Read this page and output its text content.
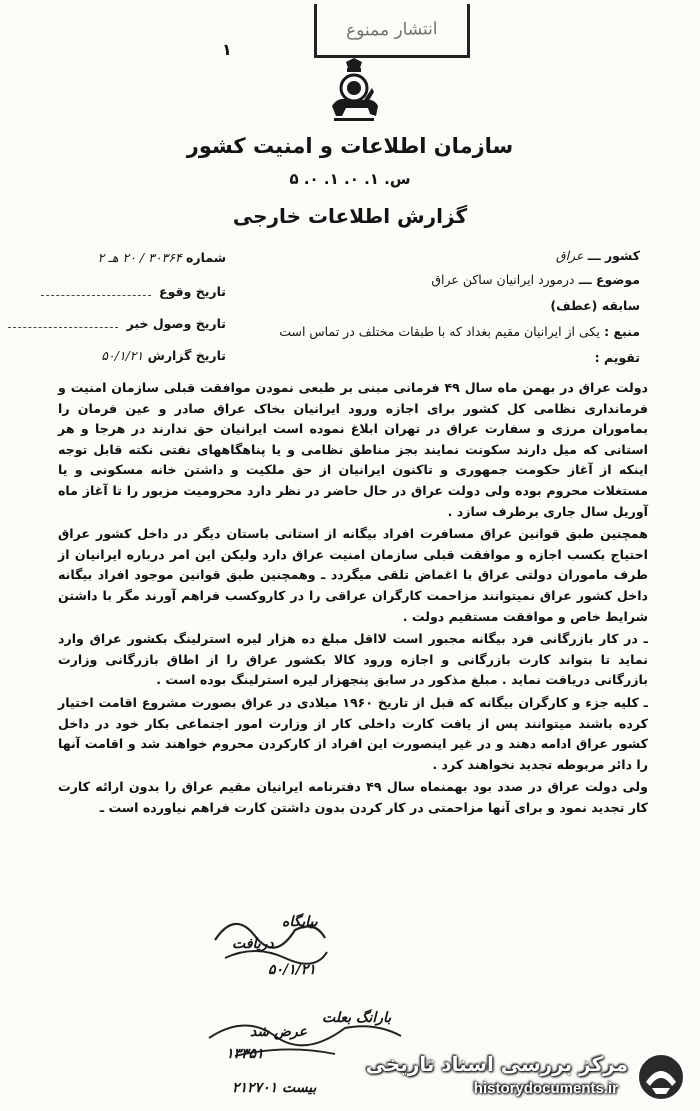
انتشار ممنوع
۱
سازمان اطلاعات و امنیت کشور
س. ۱. ۰. ۱. ۰. ۵
گزارش اطلاعات خارجی
کشور ـــ عراق
موضوع ـــ درمورد ایرانیان ساکن عراق
سابقه (عطف)
منبع : یکی از ایرانیان مقیم بغداد که با طبقات مختلف در تماس است
تقویم :
شماره ۳۰۳۶۴ / ۲۰ هـ ۲
تاریخ وقوع
تاریخ وصول خبر
تاریخ گزارش ۵۰/۱/۲۱

دولت عراق در بهمن ماه سال ۴۹ فرمانی مبنی بر طبعی نمودن موافقت قبلی سازمان امنیت و فرمانداری نظامی کل کشور برای اجازه ورود ایرانیان بخاک عراق صادر و عین فرمان را بماموران مرزی و سفارت عراق در تهران ابلاغ نموده است ایرانیان حق ندارند در هرجا و هر استانی که میل دارند سکونت نمایند بجز مناطق نظامی و یا پناهگاههای نفتی نکته قابل توجه اینکه از آغاز حکومت جمهوری و تاکنون ایرانیان از حق ملکیت و داشتن خانه مسکونی و یا مستغلات محروم بوده ولی دولت عراق در حال حاضر در نظر دارد محرومیت مزبور را تا آغاز ماه آوریل سال جاری برطرف سازد .

همچنین طبق قوانین عراق مسافرت افراد بیگانه از استانی باستان دیگر در داخل کشور عراق احتیاج بکسب اجازه و موافقت قبلی سازمان امنیت عراق دارد ولیکن این امر درباره ایرانیان از طرف ماموران دولتی عراق با اغماض تلقی میگردد ـ وهمچنین طبق قوانین موجود افراد بیگانه داخل کشور عراق نمیتوانند مزاحمت کارگران عراقی را در کاروکسب فراهم آورند مگر با داشتن شرایط خاص و موافقت مستقیم دولت .

ـ در کار بازرگانی فرد بیگانه مجبور است لااقل مبلغ ده هزار لیره استرلینگ بکشور عراق وارد نماید تا بتواند کارت بازرگانی و اجازه ورود کالا بکشور عراق را از اطاق بازرگانی وزارت بازرگانی دریافت نماید . مبلغ مذکور در سابق پنجهزار لیره استرلینگ بوده است .

ـ کلیه جزء و کارگران بیگانه که قبل از تاریخ ۱۹۶۰ میلادی در عراق بصورت مشروع اقامت اختیار کرده باشند میتوانند پس از یافت کارت داخلی کار از وزارت امور اجتماعی بکار خود در داخل کشور عراق ادامه دهند و در غیر اینصورت این افراد از کارکردن محروم خواهند شد و اقامت آنها را دائر مربوطه تجدید نخواهند کرد .

ولی دولت عراق در صدد بود بهمنماه سال ۴۹ دفترنامه ایرانیان مقیم عراق را بدون ارائه کارت کار تجدید نمود و برای آنها مزاحمتی در کار کردن بدون داشتن کارت فراهم نیاورده است ـ

بیایگاه
دریافت
۵۰/۱/۲۱
بارانگ بعلت
عرض شد
۱۳۳۵۱
بیست ۲۱۲۷۰۱
مرکز بررسی اسناد تاریخی
historydocuments.ir
